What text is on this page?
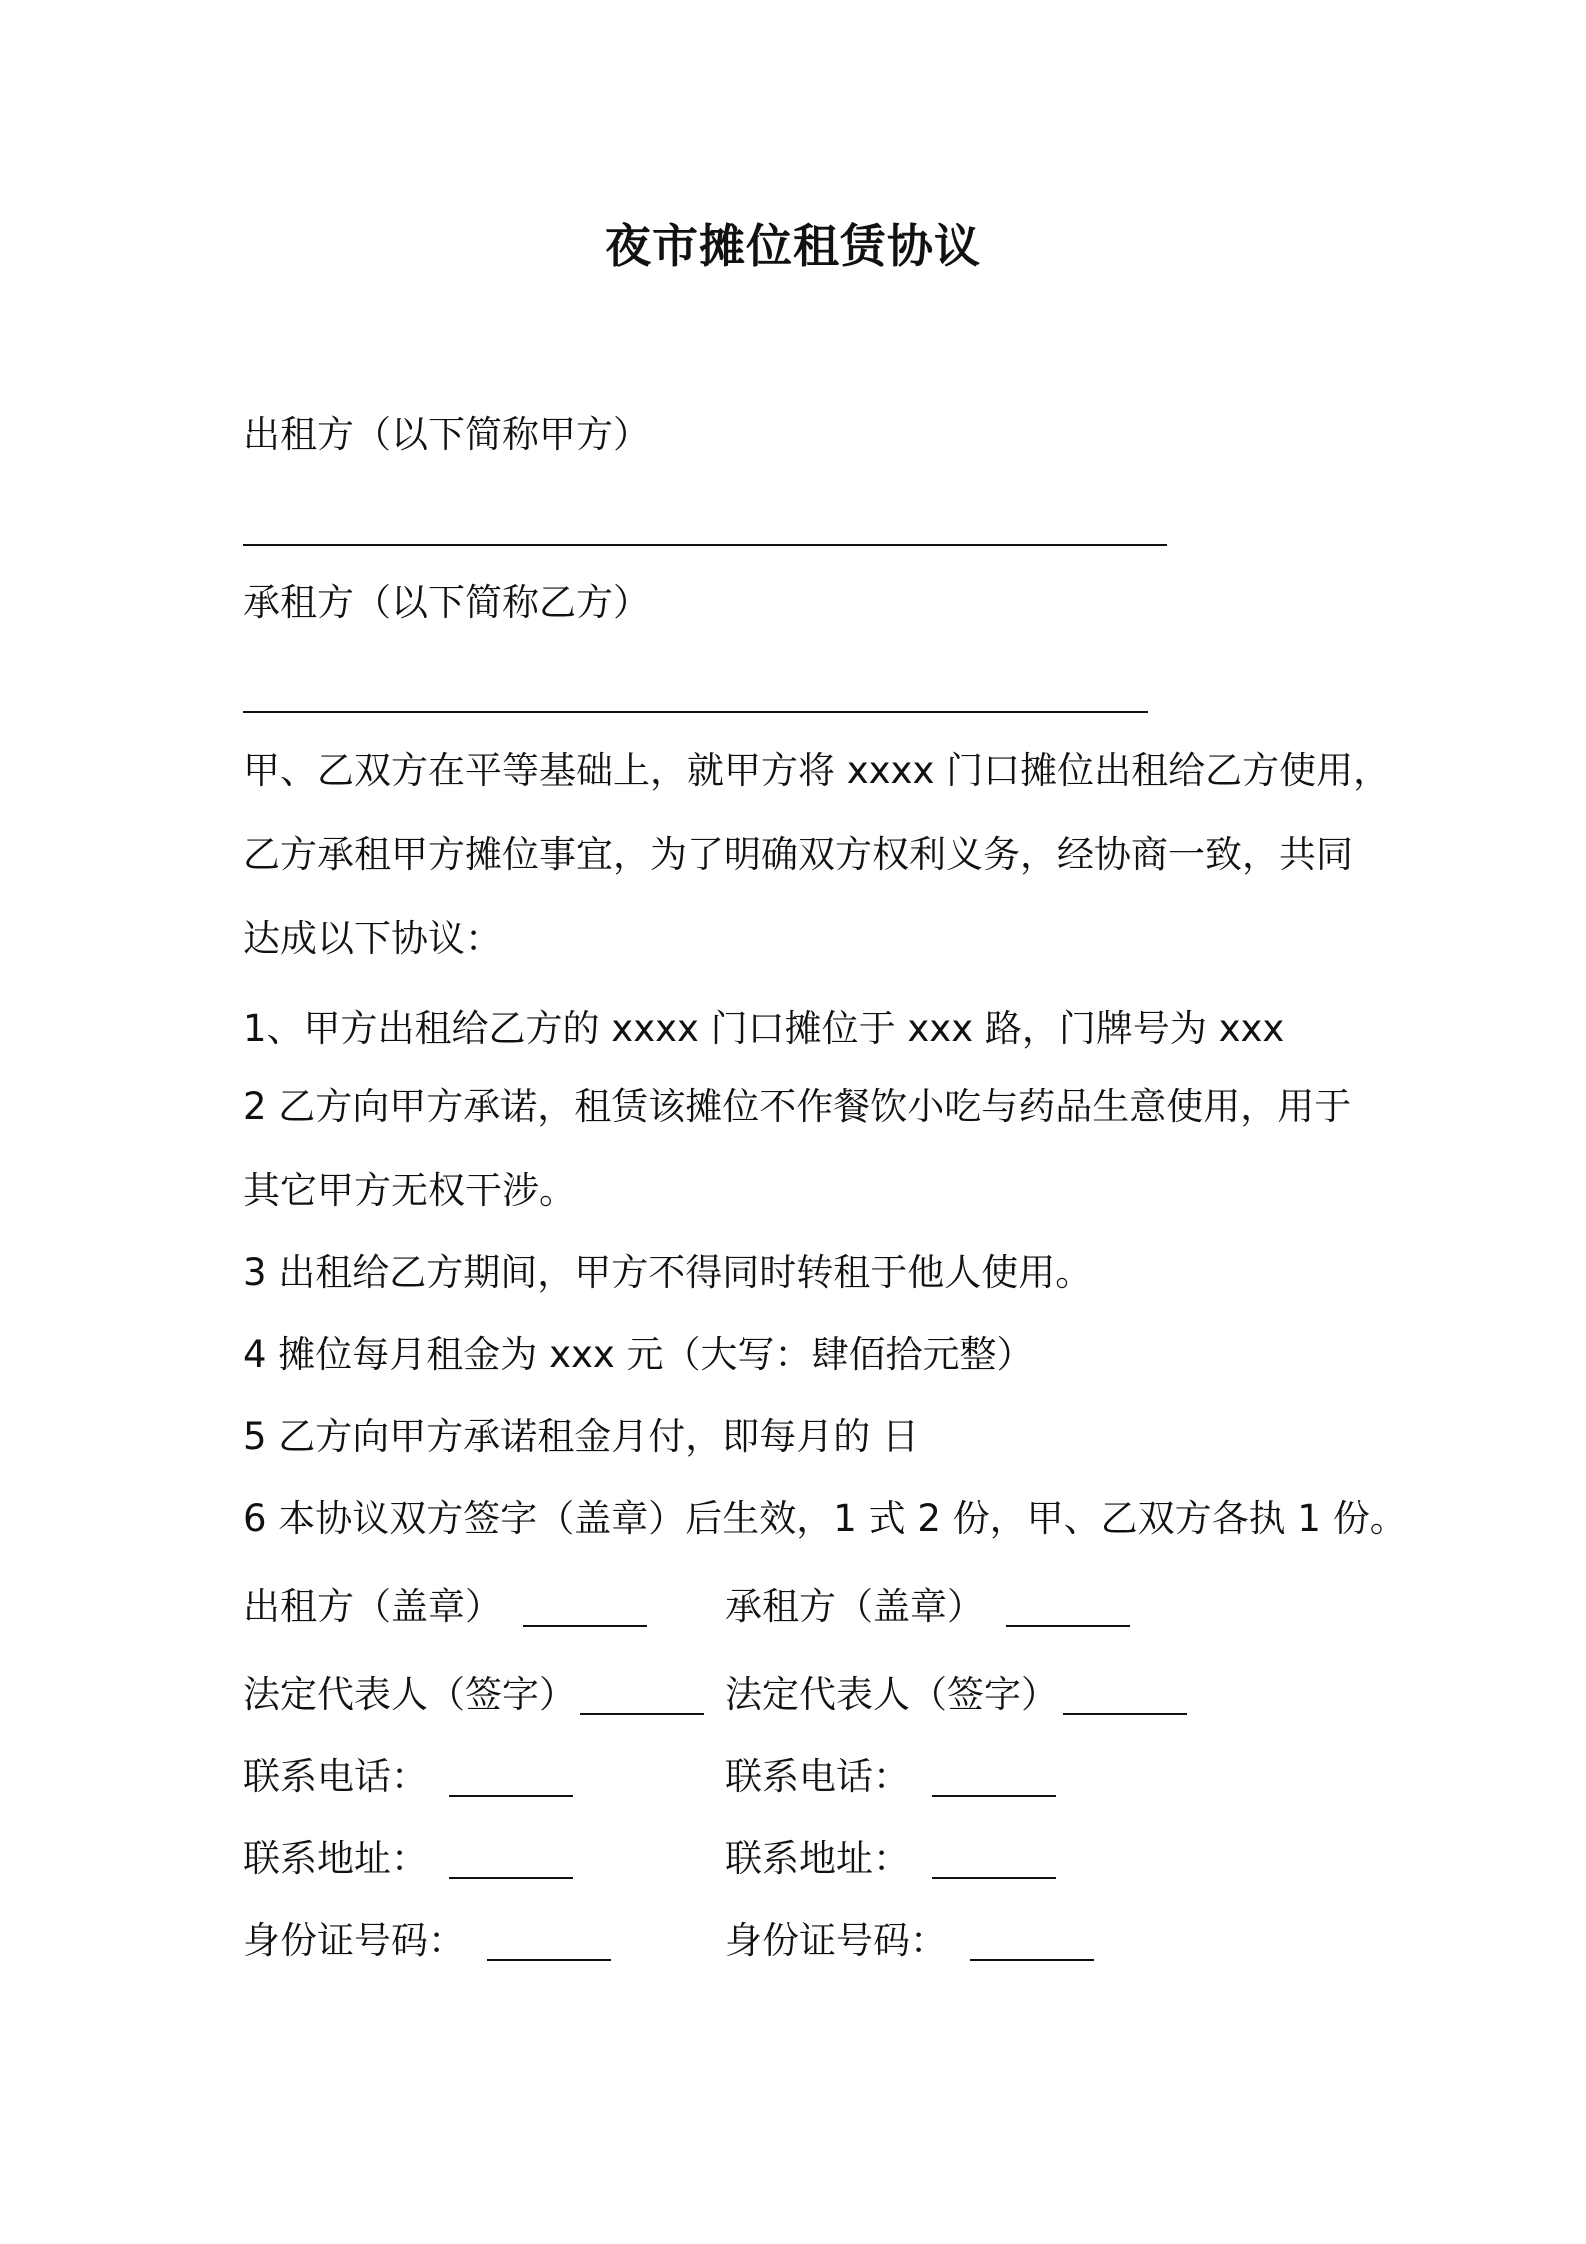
夜市摊位租赁协议
出租方（以下简称甲方）
承租方（以下简称乙方）
甲、乙双方在平等基础上，就甲方将 xxxx 门口摊位出租给乙方使用，
乙方承租甲方摊位事宜，为了明确双方权利义务，经协商一致，共同
达成以下协议：
1、甲方出租给乙方的 xxxx 门口摊位于 xxx 路，门牌号为 xxx
2 乙方向甲方承诺，租赁该摊位不作餐饮小吃与药品生意使用，用于
其它甲方无权干涉。
3 出租给乙方期间，甲方不得同时转租于他人使用。
4 摊位每月租金为 xxx 元（大写：肆佰拾元整）
5 乙方向甲方承诺租金月付，即每月的 日
6 本协议双方签字（盖章）后生效，1 式 2 份，甲、乙双方各执 1 份。
出租方（盖章）
法定代表人（签字）
联系电话：
联系地址：
身份证号码：
承租方（盖章）
法定代表人（签字）
联系电话：
联系地址：
身份证号码：
